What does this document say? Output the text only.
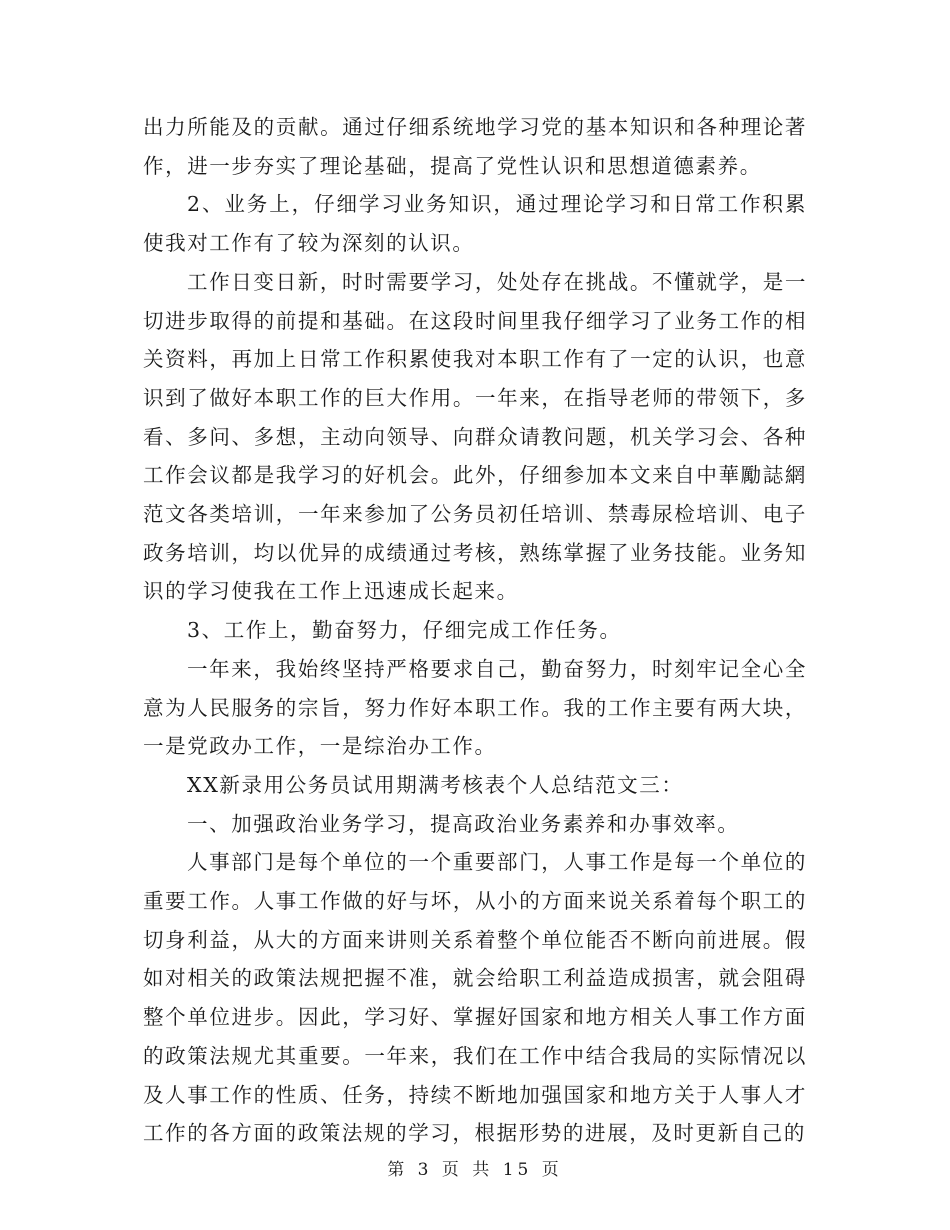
出力所能及的贡献。通过仔细系统地学习党的基本知识和各种理论著作，进一步夯实了理论基础，提高了党性认识和思想道德素养。

2、业务上，仔细学习业务知识，通过理论学习和日常工作积累使我对工作有了较为深刻的认识。

工作日变日新，时时需要学习，处处存在挑战。不懂就学，是一切进步取得的前提和基础。在这段时间里我仔细学习了业务工作的相关资料，再加上日常工作积累使我对本职工作有了一定的认识，也意识到了做好本职工作的巨大作用。一年来，在指导老师的带领下，多看、多问、多想，主动向领导、向群众请教问题，机关学习会、各种工作会议都是我学习的好机会。此外，仔细参加本文来自中華勵誌網范文各类培训，一年来参加了公务员初任培训、禁毒尿检培训、电子政务培训，均以优异的成绩通过考核，熟练掌握了业务技能。业务知识的学习使我在工作上迅速成长起来。

3、工作上，勤奋努力，仔细完成工作任务。

一年来，我始终坚持严格要求自己，勤奋努力，时刻牢记全心全意为人民服务的宗旨，努力作好本职工作。我的工作主要有两大块，一是党政办工作，一是综治办工作。

XX新录用公务员试用期满考核表个人总结范文三：

一、加强政治业务学习，提高政治业务素养和办事效率。

人事部门是每个单位的一个重要部门，人事工作是每一个单位的重要工作。人事工作做的好与坏，从小的方面来说关系着每个职工的切身利益，从大的方面来讲则关系着整个单位能否不断向前进展。假如对相关的政策法规把握不准，就会给职工利益造成损害，就会阻碍整个单位进步。因此，学习好、掌握好国家和地方相关人事工作方面的政策法规尤其重要。一年来，我们在工作中结合我局的实际情况以及人事工作的性质、任务，持续不断地加强国家和地方关于人事人才工作的各方面的政策法规的学习，根据形势的进展，及时更新自己的

第 3 页 共 15 页
